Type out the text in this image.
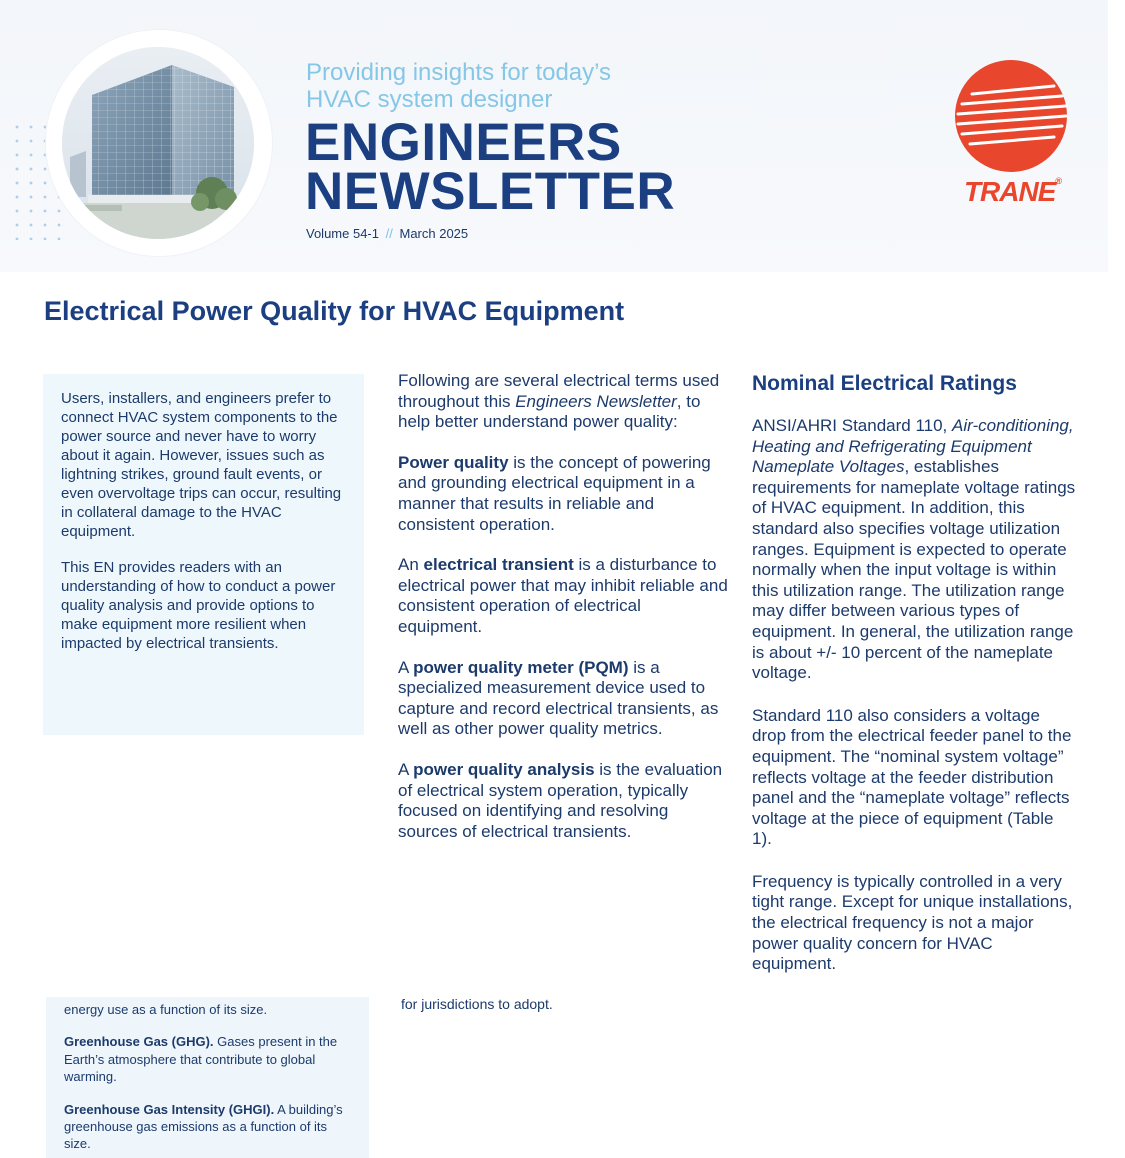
Providing insights for today’s
HVAC system designer

ENGINEERS
NEWSLETTER
Volume 54-1 // March 2025
TRANE®
Electrical Power Quality for HVAC Equipment

Users, installers, and engineers prefer to connect HVAC system components to the power source and never have to worry about it again. However, issues such as lightning strikes, ground fault events, or even overvoltage trips can occur, resulting in collateral damage to the HVAC equipment.

This EN provides readers with an understanding of how to conduct a power quality analysis and provide options to make equipment more resilient when impacted by electrical transients.

Following are several electrical terms used throughout this Engineers Newsletter, to help better understand power quality:

Power quality is the concept of powering and grounding electrical equipment in a manner that results in reliable and consistent operation.

An electrical transient is a disturbance to electrical power that may inhibit reliable and consistent operation of electrical equipment.

A power quality meter (PQM) is a specialized measurement device used to capture and record electrical transients, as well as other power quality metrics.

A power quality analysis is the evaluation of electrical system operation, typically focused on identifying and resolving sources of electrical transients.

Nominal Electrical Ratings

ANSI/AHRI Standard 110, Air-conditioning, Heating and Refrigerating Equipment Nameplate Voltages, establishes requirements for nameplate voltage ratings of HVAC equipment. In addition, this standard also specifies voltage utilization ranges. Equipment is expected to operate normally when the input voltage is within this utilization range. The utilization range may differ between various types of equipment. In general, the utilization range is about +/- 10 percent of the nameplate voltage.

Standard 110 also considers a voltage drop from the electrical feeder panel to the equipment. The “nominal system voltage” reflects voltage at the feeder distribution panel and the “nameplate voltage” reflects voltage at the piece of equipment (Table 1).

Frequency is typically controlled in a very tight range. Except for unique installations, the electrical frequency is not a major power quality concern for HVAC equipment.

energy use as a function of its size.

Greenhouse Gas (GHG). Gases present in the Earth’s atmosphere that contribute to global warming.

Greenhouse Gas Intensity (GHGI). A building’s greenhouse gas emissions as a function of its size.

for jurisdictions to adopt.
